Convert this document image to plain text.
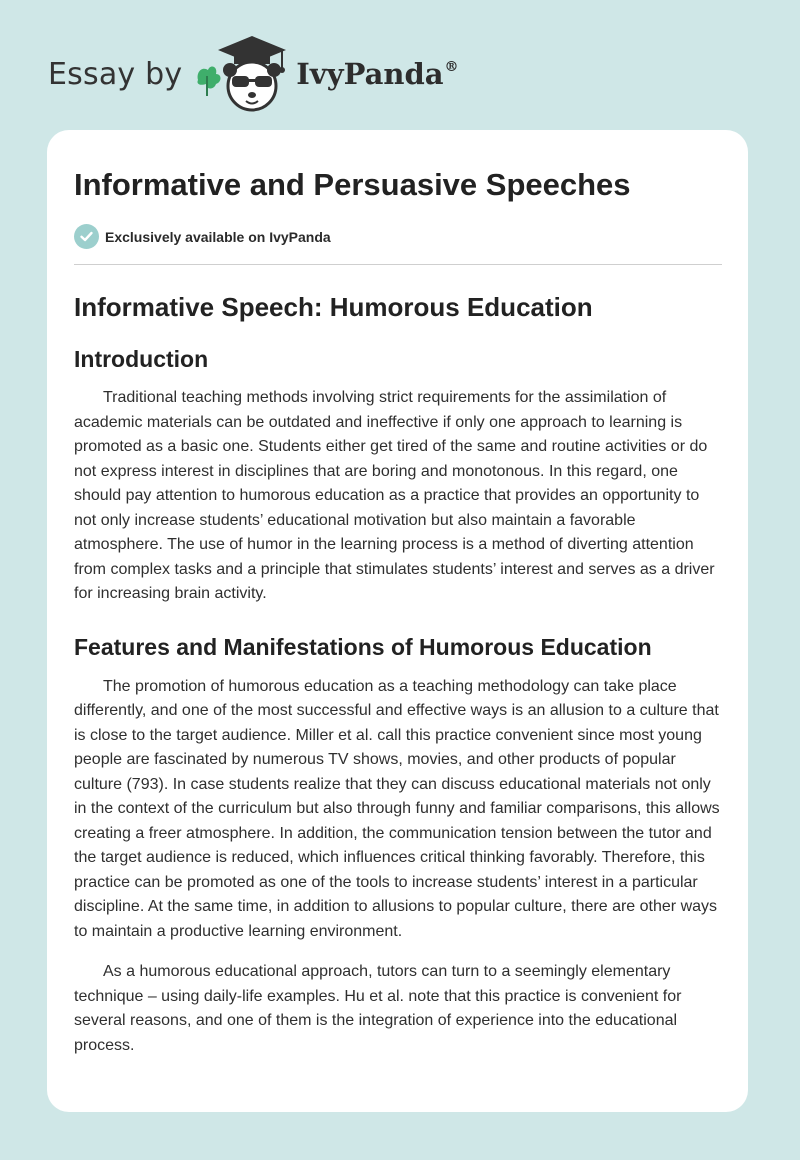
Essay by	IvyPanda®
Informative and Persuasive Speeches
Exclusively available on IvyPanda
Informative Speech: Humorous Education
Introduction

Traditional teaching methods involving strict requirements for the assimilation of academic materials can be outdated and ineffective if only one approach to learning is promoted as a basic one. Students either get tired of the same and routine activities or do not express interest in disciplines that are boring and monotonous. In this regard, one should pay attention to humorous education as a practice that provides an opportunity to not only increase students’ educational motivation but also maintain a favorable atmosphere. The use of humor in the learning process is a method of diverting attention from complex tasks and a principle that stimulates students’ interest and serves as a driver for increasing brain activity.

Features and Manifestations of Humorous Education

The promotion of humorous education as a teaching methodology can take place differently, and one of the most successful and effective ways is an allusion to a culture that is close to the target audience. Miller et al. call this practice convenient since most young people are fascinated by numerous TV shows, movies, and other products of popular culture (793). In case students realize that they can discuss educational materials not only in the context of the curriculum but also through funny and familiar comparisons, this allows creating a freer atmosphere. In addition, the communication tension between the tutor and the target audience is reduced, which influences critical thinking favorably. Therefore, this practice can be promoted as one of the tools to increase students’ interest in a particular discipline. At the same time, in addition to allusions to popular culture, there are other ways to maintain a productive learning environment.

As a humorous educational approach, tutors can turn to a seemingly elementary technique – using daily-life examples. Hu et al. note that this practice is convenient for several reasons, and one of them is the integration of experience into the educational process.
